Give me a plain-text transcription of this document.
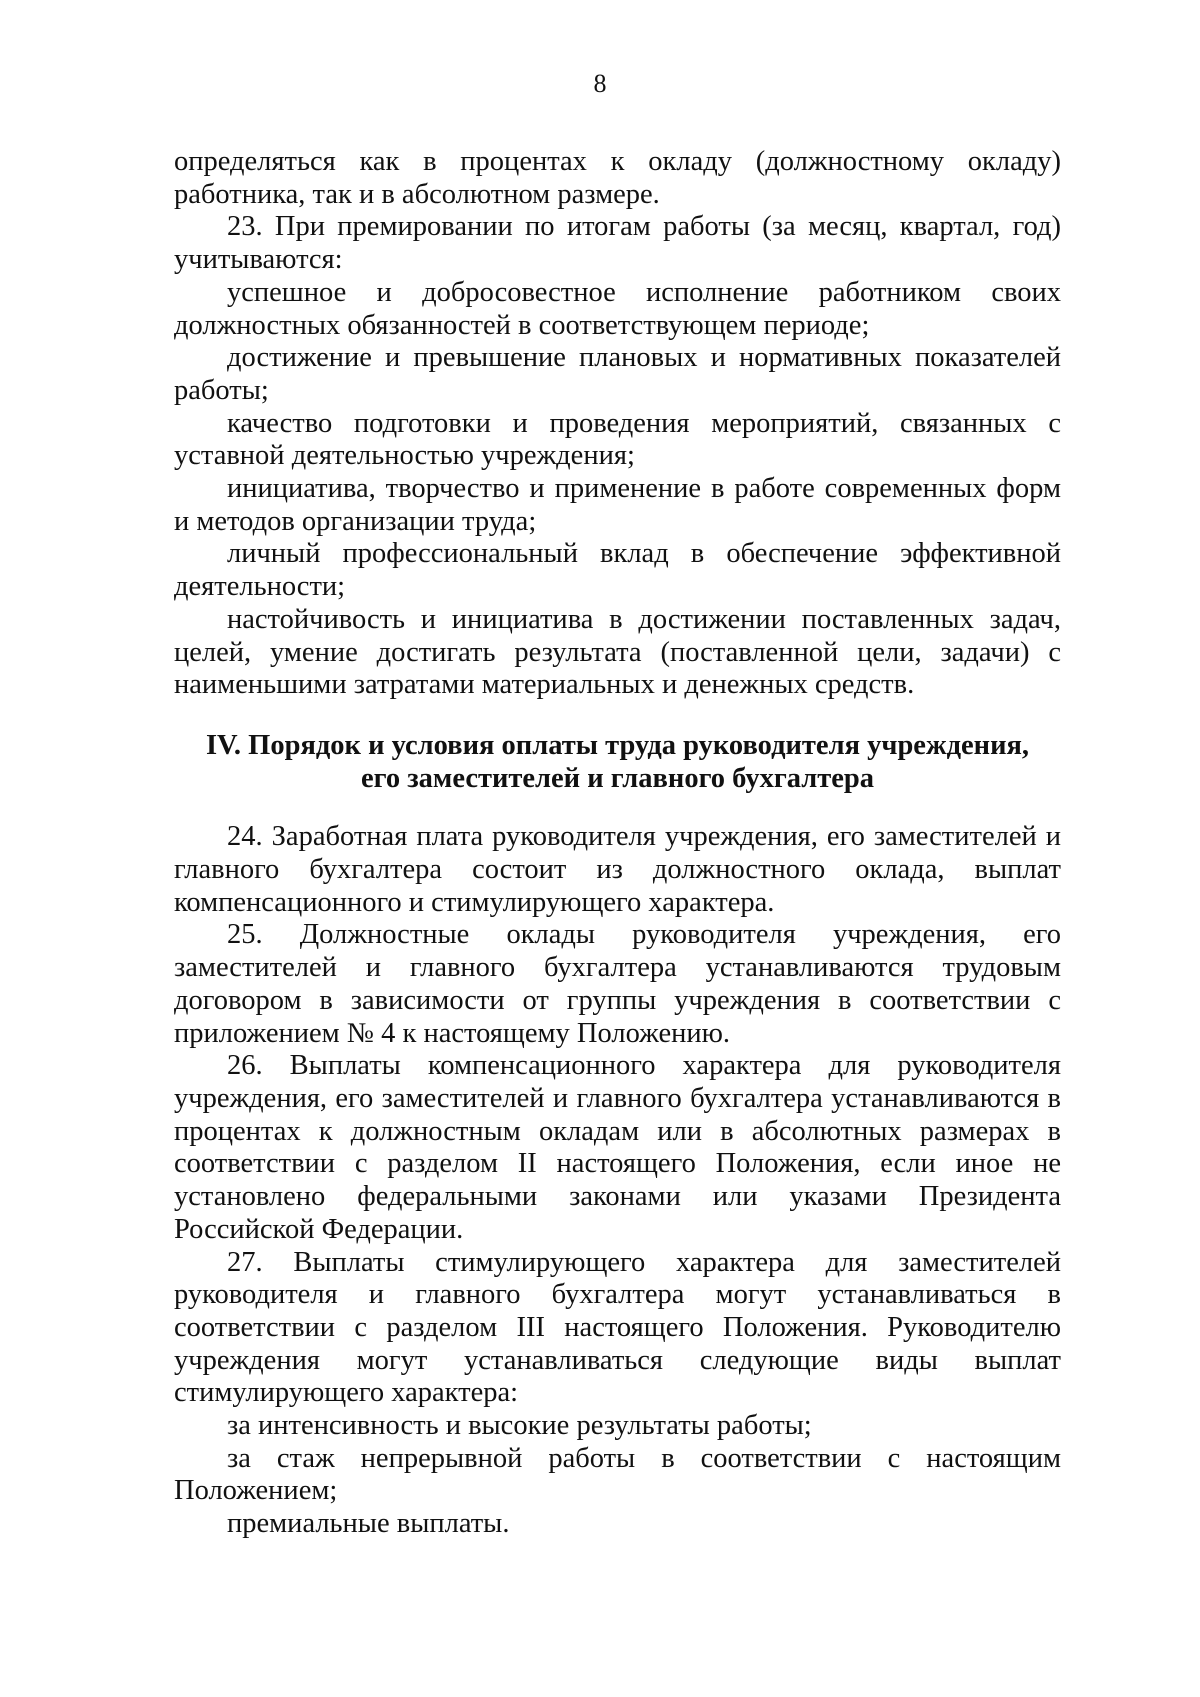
8

определяться как в процентах к окладу (должностному окладу) работника, так и в абсолютном размере.

23. При премировании по итогам работы (за месяц, квартал, год) учитываются:

успешное и добросовестное исполнение работником своих должностных обязанностей в соответствующем периоде;

достижение и превышение плановых и нормативных показателей работы;

качество подготовки и проведения мероприятий, связанных с уставной деятельностью учреждения;

инициатива, творчество и применение в работе современных форм и методов организации труда;

личный профессиональный вклад в обеспечение эффективной деятельности;

настойчивость и инициатива в достижении поставленных задач, целей, умение достигать результата (поставленной цели, задачи) с наименьшими затратами материальных и денежных средств.

IV. Порядок и условия оплаты труда руководителя учреждения,
его заместителей и главного бухгалтера

24. Заработная плата руководителя учреждения, его заместителей и главного бухгалтера состоит из должностного оклада, выплат компенсационного и стимулирующего характера.

25. Должностные оклады руководителя учреждения, его заместителей и главного бухгалтера устанавливаются трудовым договором в зависимости от группы учреждения в соответствии с приложением № 4 к настоящему Положению.

26. Выплаты компенсационного характера для руководителя учреждения, его заместителей и главного бухгалтера устанавливаются в процентах к должностным окладам или в абсолютных размерах в соответствии с разделом II настоящего Положения, если иное не установлено федеральными законами или указами Президента Российской Федерации.

27. Выплаты стимулирующего характера для заместителей руководителя и главного бухгалтера могут устанавливаться в соответствии с разделом III настоящего Положения. Руководителю учреждения могут устанавливаться следующие виды выплат стимулирующего характера:

за интенсивность и высокие результаты работы;

за стаж непрерывной работы в соответствии с настоящим Положением;

премиальные выплаты.
